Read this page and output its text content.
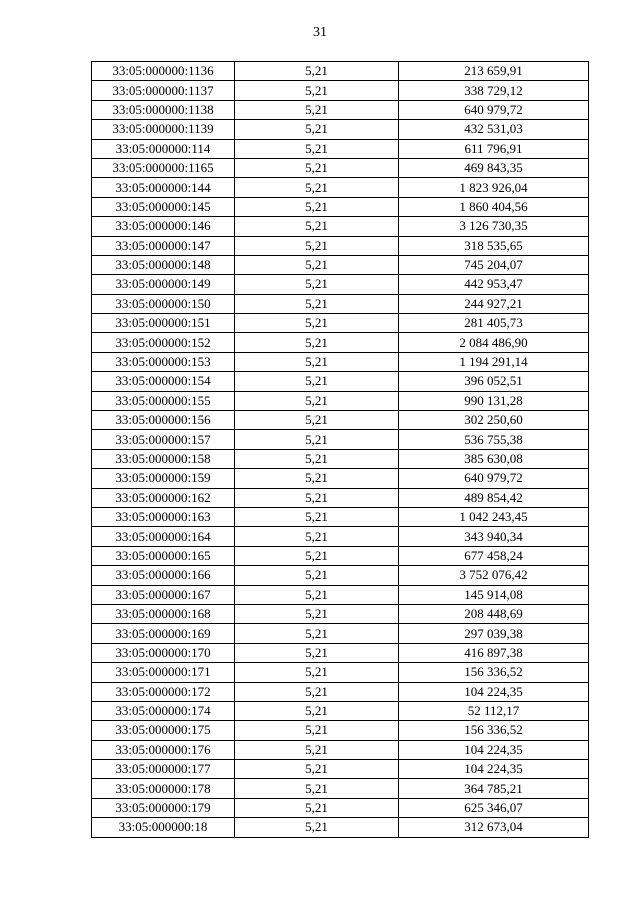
31
33:05:000000:1136	5,21	213 659,91
33:05:000000:1137	5,21	338 729,12
33:05:000000:1138	5,21	640 979,72
33:05:000000:1139	5,21	432 531,03
33:05:000000:114	5,21	611 796,91
33:05:000000:1165	5,21	469 843,35
33:05:000000:144	5,21	1 823 926,04
33:05:000000:145	5,21	1 860 404,56
33:05:000000:146	5,21	3 126 730,35
33:05:000000:147	5,21	318 535,65
33:05:000000:148	5,21	745 204,07
33:05:000000:149	5,21	442 953,47
33:05:000000:150	5,21	244 927,21
33:05:000000:151	5,21	281 405,73
33:05:000000:152	5,21	2 084 486,90
33:05:000000:153	5,21	1 194 291,14
33:05:000000:154	5,21	396 052,51
33:05:000000:155	5,21	990 131,28
33:05:000000:156	5,21	302 250,60
33:05:000000:157	5,21	536 755,38
33:05:000000:158	5,21	385 630,08
33:05:000000:159	5,21	640 979,72
33:05:000000:162	5,21	489 854,42
33:05:000000:163	5,21	1 042 243,45
33:05:000000:164	5,21	343 940,34
33:05:000000:165	5,21	677 458,24
33:05:000000:166	5,21	3 752 076,42
33:05:000000:167	5,21	145 914,08
33:05:000000:168	5,21	208 448,69
33:05:000000:169	5,21	297 039,38
33:05:000000:170	5,21	416 897,38
33:05:000000:171	5,21	156 336,52
33:05:000000:172	5,21	104 224,35
33:05:000000:174	5,21	52 112,17
33:05:000000:175	5,21	156 336,52
33:05:000000:176	5,21	104 224,35
33:05:000000:177	5,21	104 224,35
33:05:000000:178	5,21	364 785,21
33:05:000000:179	5,21	625 346,07
33:05:000000:18	5,21	312 673,04
